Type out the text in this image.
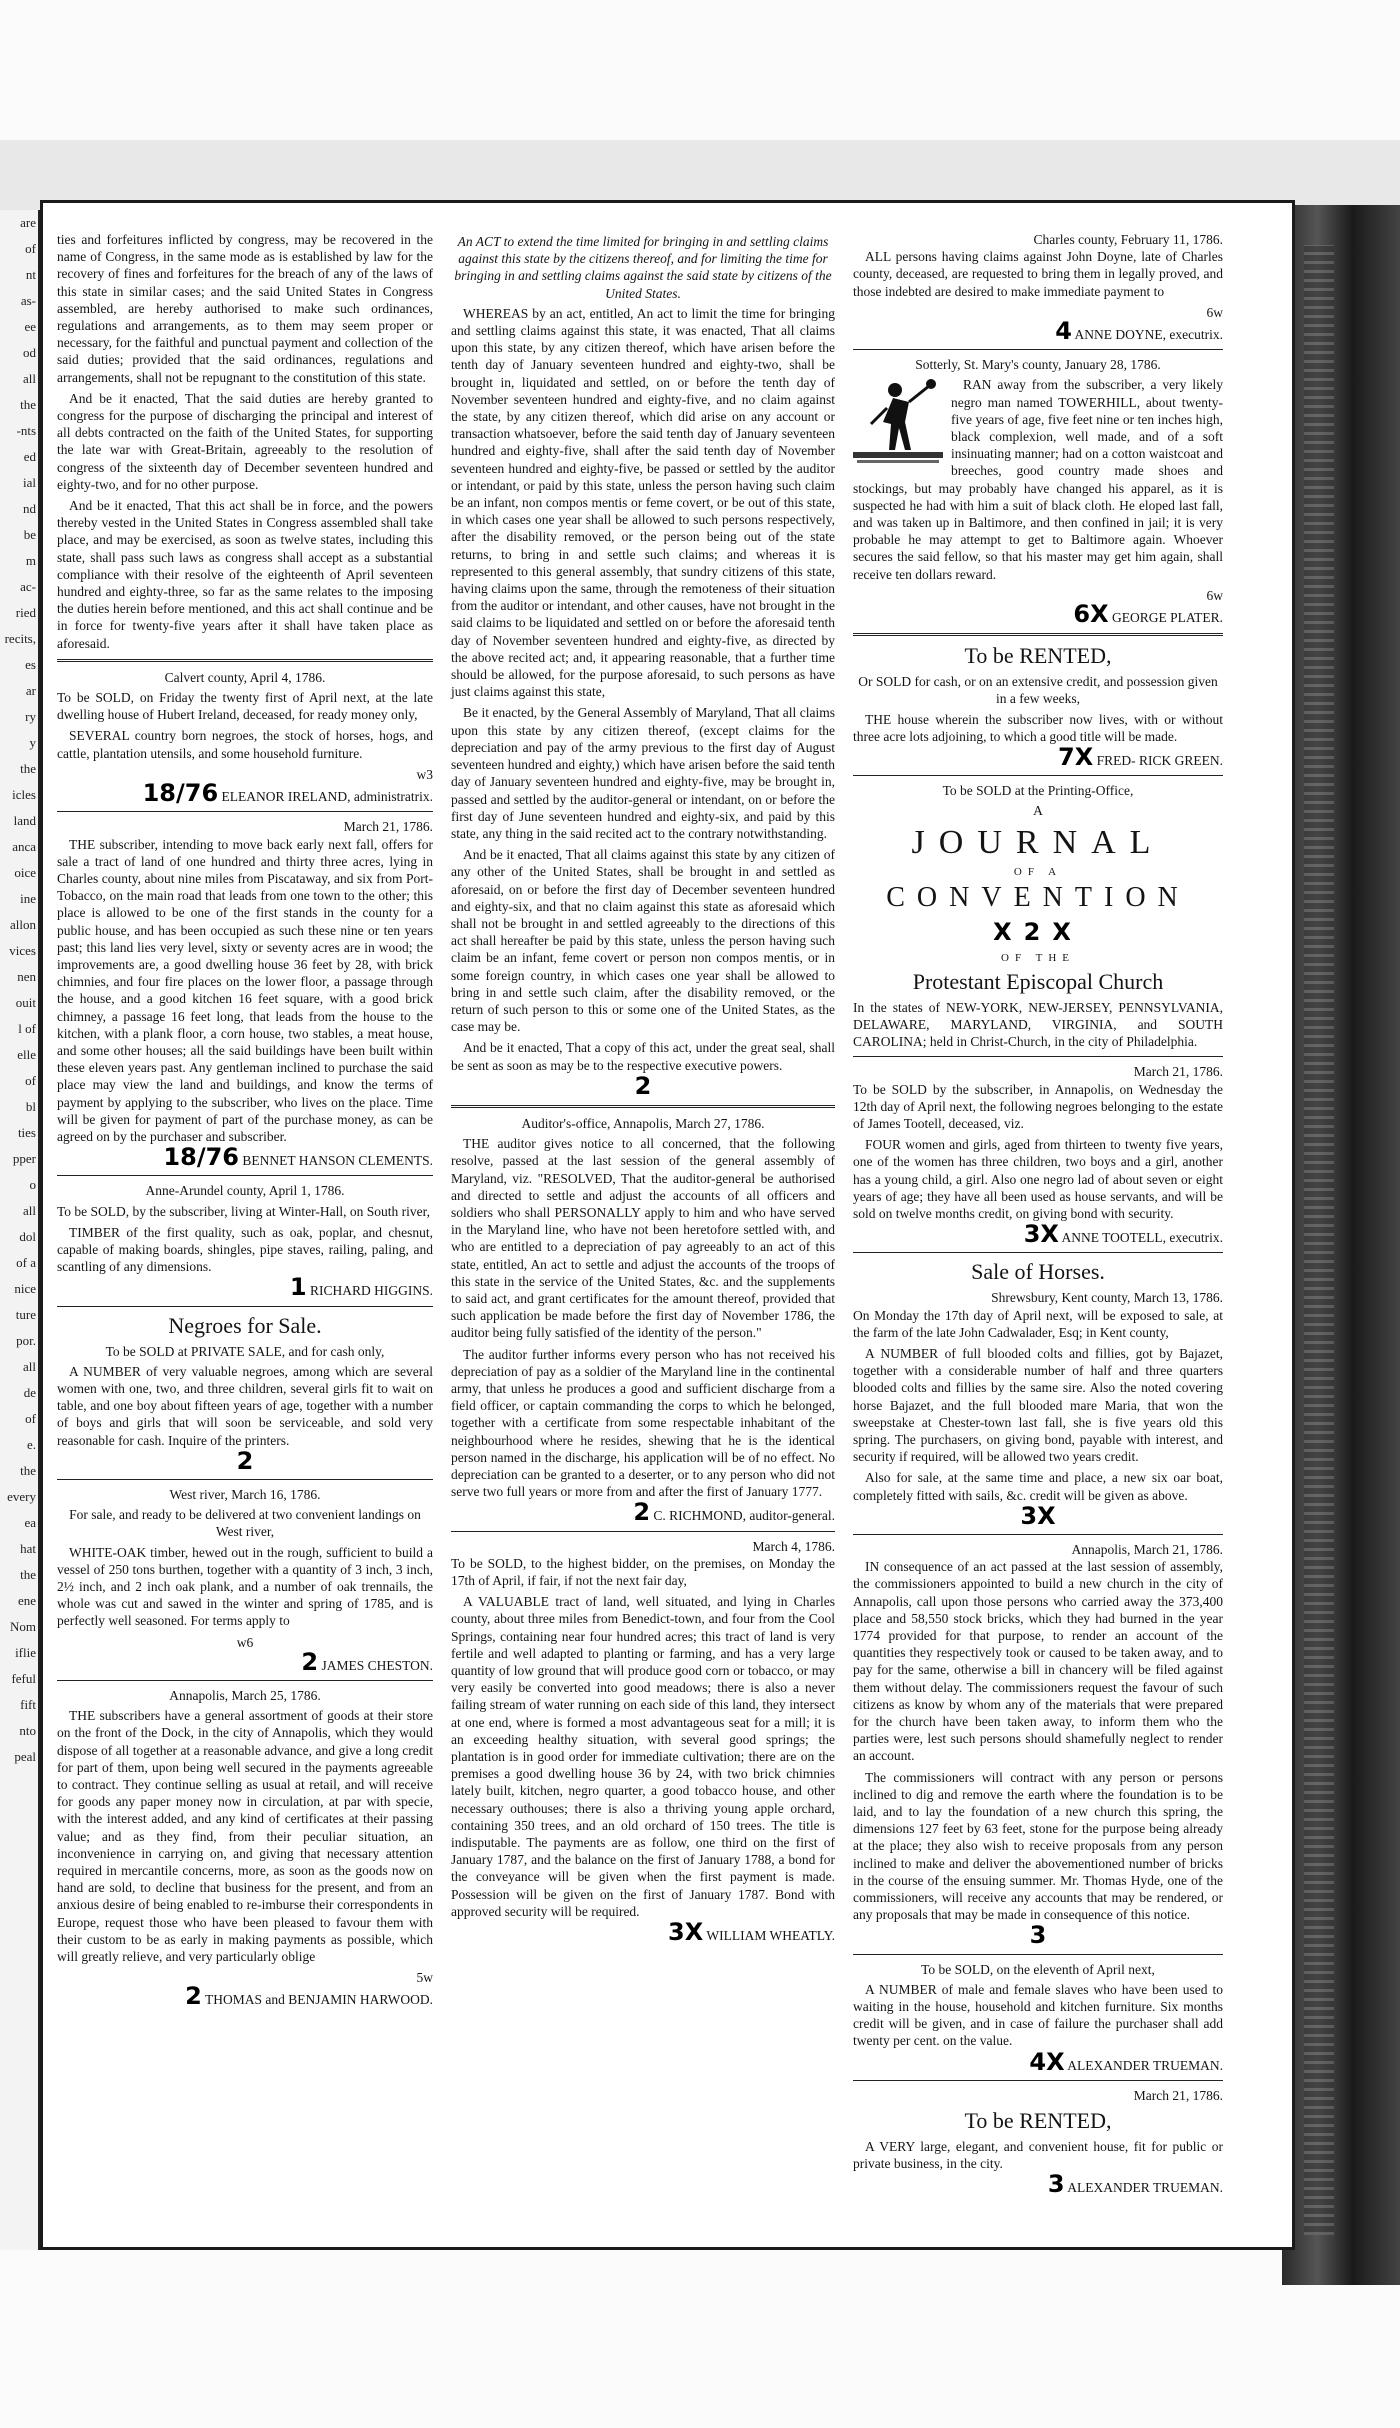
are
of
nt
as-
ee
od
all
the
-nts
ed
ial
nd
be
m
ac-
ried
recits,
es
ar
ry
y
the
icles
land
anca
oice
ine
allon
vices
nen
ouit
l of
elle
of
bl
ties
pper
o
all
dol
of a
nice
ture
por.
all
de
of
e.
the
every
ea
hat
the
ene
Nom
iflie
feful
fift
nto
peal

ties and forfeitures inflicted by congress, may be recovered in the name of Congress, in the same mode as is established by law for the recovery of fines and forfeitures for the breach of any of the laws of this state in similar cases; and the said United States in Congress assembled, are hereby authorised to make such ordinances, regulations and arrangements, as to them may seem proper or necessary, for the faithful and punctual payment and collection of the said duties; provided that the said ordinances, regulations and arrangements, shall not be repugnant to the constitution of this state.

And be it enacted, That the said duties are hereby granted to congress for the purpose of discharging the principal and interest of all debts contracted on the faith of the United States, for supporting the late war with Great-Britain, agreeably to the resolution of congress of the sixteenth day of December seventeen hundred and eighty-two, and for no other purpose.

And be it enacted, That this act shall be in force, and the powers thereby vested in the United States in Congress assembled shall take place, and may be exercised, as soon as twelve states, including this state, shall pass such laws as congress shall accept as a substantial compliance with their resolve of the eighteenth of April seventeen hundred and eighty-three, so far as the same relates to the imposing the duties herein before mentioned, and this act shall continue and be in force for twenty-five years after it shall have taken place as aforesaid.

Calvert county, April 4, 1786.

To be SOLD, on Friday the twenty first of April next, at the late dwelling house of Hubert Ireland, deceased, for ready money only,

SEVERAL country born negroes, the stock of horses, hogs, and cattle, plantation utensils, and some household furniture.

w3
18/76 ELEANOR IRELAND, administratrix.
March 21, 1786.

THE subscriber, intending to move back early next fall, offers for sale a tract of land of one hundred and thirty three acres, lying in Charles county, about nine miles from Piscataway, and six from Port-Tobacco, on the main road that leads from one town to the other; this place is allowed to be one of the first stands in the county for a public house, and has been occupied as such these nine or ten years past; this land lies very level, sixty or seventy acres are in wood; the improvements are, a good dwelling house 36 feet by 28, with brick chimnies, and four fire places on the lower floor, a passage through the house, and a good kitchen 16 feet square, with a good brick chimney, a passage 16 feet long, that leads from the house to the kitchen, with a plank floor, a corn house, two stables, a meat house, and some other houses; all the said buildings have been built within these eleven years past. Any gentleman inclined to purchase the said place may view the land and buildings, and know the terms of payment by applying to the subscriber, who lives on the place. Time will be given for payment of part of the purchase money, as can be agreed on by the purchaser and subscriber.

18/76 BENNET HANSON CLEMENTS.
Anne-Arundel county, April 1, 1786.

To be SOLD, by the subscriber, living at Winter-Hall, on South river,

TIMBER of the first quality, such as oak, poplar, and chesnut, capable of making boards, shingles, pipe staves, railing, paling, and scantling of any dimensions.

1 RICHARD HIGGINS.
Negroes for Sale.

To be SOLD at PRIVATE SALE, and for cash only,

A NUMBER of very valuable negroes, among which are several women with one, two, and three children, several girls fit to wait on table, and one boy about fifteen years of age, together with a number of boys and girls that will soon be serviceable, and sold very reasonable for cash. Inquire of the printers.

2
West river, March 16, 1786.

For sale, and ready to be delivered at two convenient landings on West river,

WHITE-OAK timber, hewed out in the rough, sufficient to build a vessel of 250 tons burthen, together with a quantity of 3 inch, 3 inch, 2½ inch, and 2 inch oak plank, and a number of oak trennails, the whole was cut and sawed in the winter and spring of 1785, and is perfectly well seasoned. For terms apply to

w6
2 JAMES CHESTON.
Annapolis, March 25, 1786.

THE subscribers have a general assortment of goods at their store on the front of the Dock, in the city of Annapolis, which they would dispose of all together at a reasonable advance, and give a long credit for part of them, upon being well secured in the payments agreeable to contract. They continue selling as usual at retail, and will receive for goods any paper money now in circulation, at par with specie, with the interest added, and any kind of certificates at their passing value; and as they find, from their peculiar situation, an inconvenience in carrying on, and giving that necessary attention required in mercantile concerns, more, as soon as the goods now on hand are sold, to decline that business for the present, and from an anxious desire of being enabled to re-imburse their correspondents in Europe, request those who have been pleased to favour them with their custom to be as early in making payments as possible, which will greatly relieve, and very particularly oblige

5w
2 THOMAS and BENJAMIN HARWOOD.

An ACT to extend the time limited for bringing in and settling claims against this state by the citizens thereof, and for limiting the time for bringing in and settling claims against the said state by citizens of the United States.

WHEREAS by an act, entitled, An act to limit the time for bringing and settling claims against this state, it was enacted, That all claims upon this state, by any citizen thereof, which have arisen before the tenth day of January seventeen hundred and eighty-two, shall be brought in, liquidated and settled, on or before the tenth day of November seventeen hundred and eighty-five, and no claim against the state, by any citizen thereof, which did arise on any account or transaction whatsoever, before the said tenth day of January seventeen hundred and eighty-five, shall after the said tenth day of November seventeen hundred and eighty-five, be passed or settled by the auditor or intendant, or paid by this state, unless the person having such claim be an infant, non compos mentis or feme covert, or be out of this state, in which cases one year shall be allowed to such persons respectively, after the disability removed, or the person being out of the state returns, to bring in and settle such claims; and whereas it is represented to this general assembly, that sundry citizens of this state, having claims upon the same, through the remoteness of their situation from the auditor or intendant, and other causes, have not brought in the said claims to be liquidated and settled on or before the aforesaid tenth day of November seventeen hundred and eighty-five, as directed by the above recited act; and, it appearing reasonable, that a further time should be allowed, for the purpose aforesaid, to such persons as have just claims against this state,

Be it enacted, by the General Assembly of Maryland, That all claims upon this state by any citizen thereof, (except claims for the depreciation and pay of the army previous to the first day of August seventeen hundred and eighty,) which have arisen before the said tenth day of January seventeen hundred and eighty-five, may be brought in, passed and settled by the auditor-general or intendant, on or before the first day of June seventeen hundred and eighty-six, and paid by this state, any thing in the said recited act to the contrary notwithstanding.

And be it enacted, That all claims against this state by any citizen of any other of the United States, shall be brought in and settled as aforesaid, on or before the first day of December seventeen hundred and eighty-six, and that no claim against this state as aforesaid which shall not be brought in and settled agreeably to the directions of this act shall hereafter be paid by this state, unless the person having such claim be an infant, feme covert or person non compos mentis, or in some foreign country, in which cases one year shall be allowed to bring in and settle such claim, after the disability removed, or the return of such person to this or some one of the United States, as the case may be.

And be it enacted, That a copy of this act, under the great seal, shall be sent as soon as may be to the respective executive powers.

2
Auditor's-office, Annapolis, March 27, 1786.

THE auditor gives notice to all concerned, that the following resolve, passed at the last session of the general assembly of Maryland, viz. "RESOLVED, That the auditor-general be authorised and directed to settle and adjust the accounts of all officers and soldiers who shall PERSONALLY apply to him and who have served in the Maryland line, who have not been heretofore settled with, and who are entitled to a depreciation of pay agreeably to an act of this state, entitled, An act to settle and adjust the accounts of the troops of this state in the service of the United States, &c. and the supplements to said act, and grant certificates for the amount thereof, provided that such application be made before the first day of November 1786, the auditor being fully satisfied of the identity of the person."

The auditor further informs every person who has not received his depreciation of pay as a soldier of the Maryland line in the continental army, that unless he produces a good and sufficient discharge from a field officer, or captain commanding the corps to which he belonged, together with a certificate from some respectable inhabitant of the neighbourhood where he resides, shewing that he is the identical person named in the discharge, his application will be of no effect. No depreciation can be granted to a deserter, or to any person who did not serve two full years or more from and after the first of January 1777.

2 C. RICHMOND, auditor-general.
March 4, 1786.

To be SOLD, to the highest bidder, on the premises, on Monday the 17th of April, if fair, if not the next fair day,

A VALUABLE tract of land, well situated, and lying in Charles county, about three miles from Benedict-town, and four from the Cool Springs, containing near four hundred acres; this tract of land is very fertile and well adapted to planting or farming, and has a very large quantity of low ground that will produce good corn or tobacco, or may very easily be converted into good meadows; there is also a never failing stream of water running on each side of this land, they intersect at one end, where is formed a most advantageous seat for a mill; it is an exceeding healthy situation, with several good springs; the plantation is in good order for immediate cultivation; there are on the premises a good dwelling house 36 by 24, with two brick chimnies lately built, kitchen, negro quarter, a good tobacco house, and other necessary outhouses; there is also a thriving young apple orchard, containing 350 trees, and an old orchard of 150 trees. The title is indisputable. The payments are as follow, one third on the first of January 1787, and the balance on the first of January 1788, a bond for the conveyance will be given when the first payment is made. Possession will be given on the first of January 1787. Bond with approved security will be required.

3X WILLIAM WHEATLY.
Charles county, February 11, 1786.

ALL persons having claims against John Doyne, late of Charles county, deceased, are requested to bring them in legally proved, and those indebted are desired to make immediate payment to

6w
4 ANNE DOYNE, executrix.
Sotterly, St. Mary's county, January 28, 1786.

RAN away from the subscriber, a very likely negro man named TOWERHILL, about twenty-five years of age, five feet nine or ten inches high, black complexion, well made, and of a soft insinuating manner; had on a cotton waistcoat and breeches, good country made shoes and stockings, but may probably have changed his apparel, as it is suspected he had with him a suit of black cloth. He eloped last fall, and was taken up in Baltimore, and then confined in jail; it is very probable he may attempt to get to Baltimore again. Whoever secures the said fellow, so that his master may get him again, shall receive ten dollars reward.

6w
6X GEORGE PLATER.
To be RENTED,

Or SOLD for cash, or on an extensive credit, and possession given in a few weeks,

THE house wherein the subscriber now lives, with or without three acre lots adjoining, to which a good title will be made.

7X FRED- RICK GREEN.
To be SOLD at the Printing-Office,
A
JOURNAL
OF A
CONVENTION X2X
OF THE
Protestant Episcopal Church

In the states of NEW-YORK, NEW-JERSEY, PENNSYLVANIA, DELAWARE, MARYLAND, VIRGINIA, and SOUTH CAROLINA; held in Christ-Church, in the city of Philadelphia.

March 21, 1786.

To be SOLD by the subscriber, in Annapolis, on Wednesday the 12th day of April next, the following negroes belonging to the estate of James Tootell, deceased, viz.

FOUR women and girls, aged from thirteen to twenty five years, one of the women has three children, two boys and a girl, another has a young child, a girl. Also one negro lad of about seven or eight years of age; they have all been used as house servants, and will be sold on twelve months credit, on giving bond with security.

3X ANNE TOOTELL, executrix.
Sale of Horses.
Shrewsbury, Kent county, March 13, 1786.

On Monday the 17th day of April next, will be exposed to sale, at the farm of the late John Cadwalader, Esq; in Kent county,

A NUMBER of full blooded colts and fillies, got by Bajazet, together with a considerable number of half and three quarters blooded colts and fillies by the same sire. Also the noted covering horse Bajazet, and the full blooded mare Maria, that won the sweepstake at Chester-town last fall, she is five years old this spring. The purchasers, on giving bond, payable with interest, and security if required, will be allowed two years credit.

Also for sale, at the same time and place, a new six oar boat, completely fitted with sails, &c. credit will be given as above.

3X
Annapolis, March 21, 1786.

IN consequence of an act passed at the last session of assembly, the commissioners appointed to build a new church in the city of Annapolis, call upon those persons who carried away the 373,400 place and 58,550 stock bricks, which they had burned in the year 1774 provided for that purpose, to render an account of the quantities they respectively took or caused to be taken away, and to pay for the same, otherwise a bill in chancery will be filed against them without delay. The commissioners request the favour of such citizens as know by whom any of the materials that were prepared for the church have been taken away, to inform them who the parties were, lest such persons should shamefully neglect to render an account.

The commissioners will contract with any person or persons inclined to dig and remove the earth where the foundation is to be laid, and to lay the foundation of a new church this spring, the dimensions 127 feet by 63 feet, stone for the purpose being already at the place; they also wish to receive proposals from any person inclined to make and deliver the abovementioned number of bricks in the course of the ensuing summer. Mr. Thomas Hyde, one of the commissioners, will receive any accounts that may be rendered, or any proposals that may be made in consequence of this notice.

3
To be SOLD, on the eleventh of April next,

A NUMBER of male and female slaves who have been used to waiting in the house, household and kitchen furniture. Six months credit will be given, and in case of failure the purchaser shall add twenty per cent. on the value.

4X ALEXANDER TRUEMAN.
March 21, 1786.
To be RENTED,

A VERY large, elegant, and convenient house, fit for public or private business, in the city.

3 ALEXANDER TRUEMAN.
